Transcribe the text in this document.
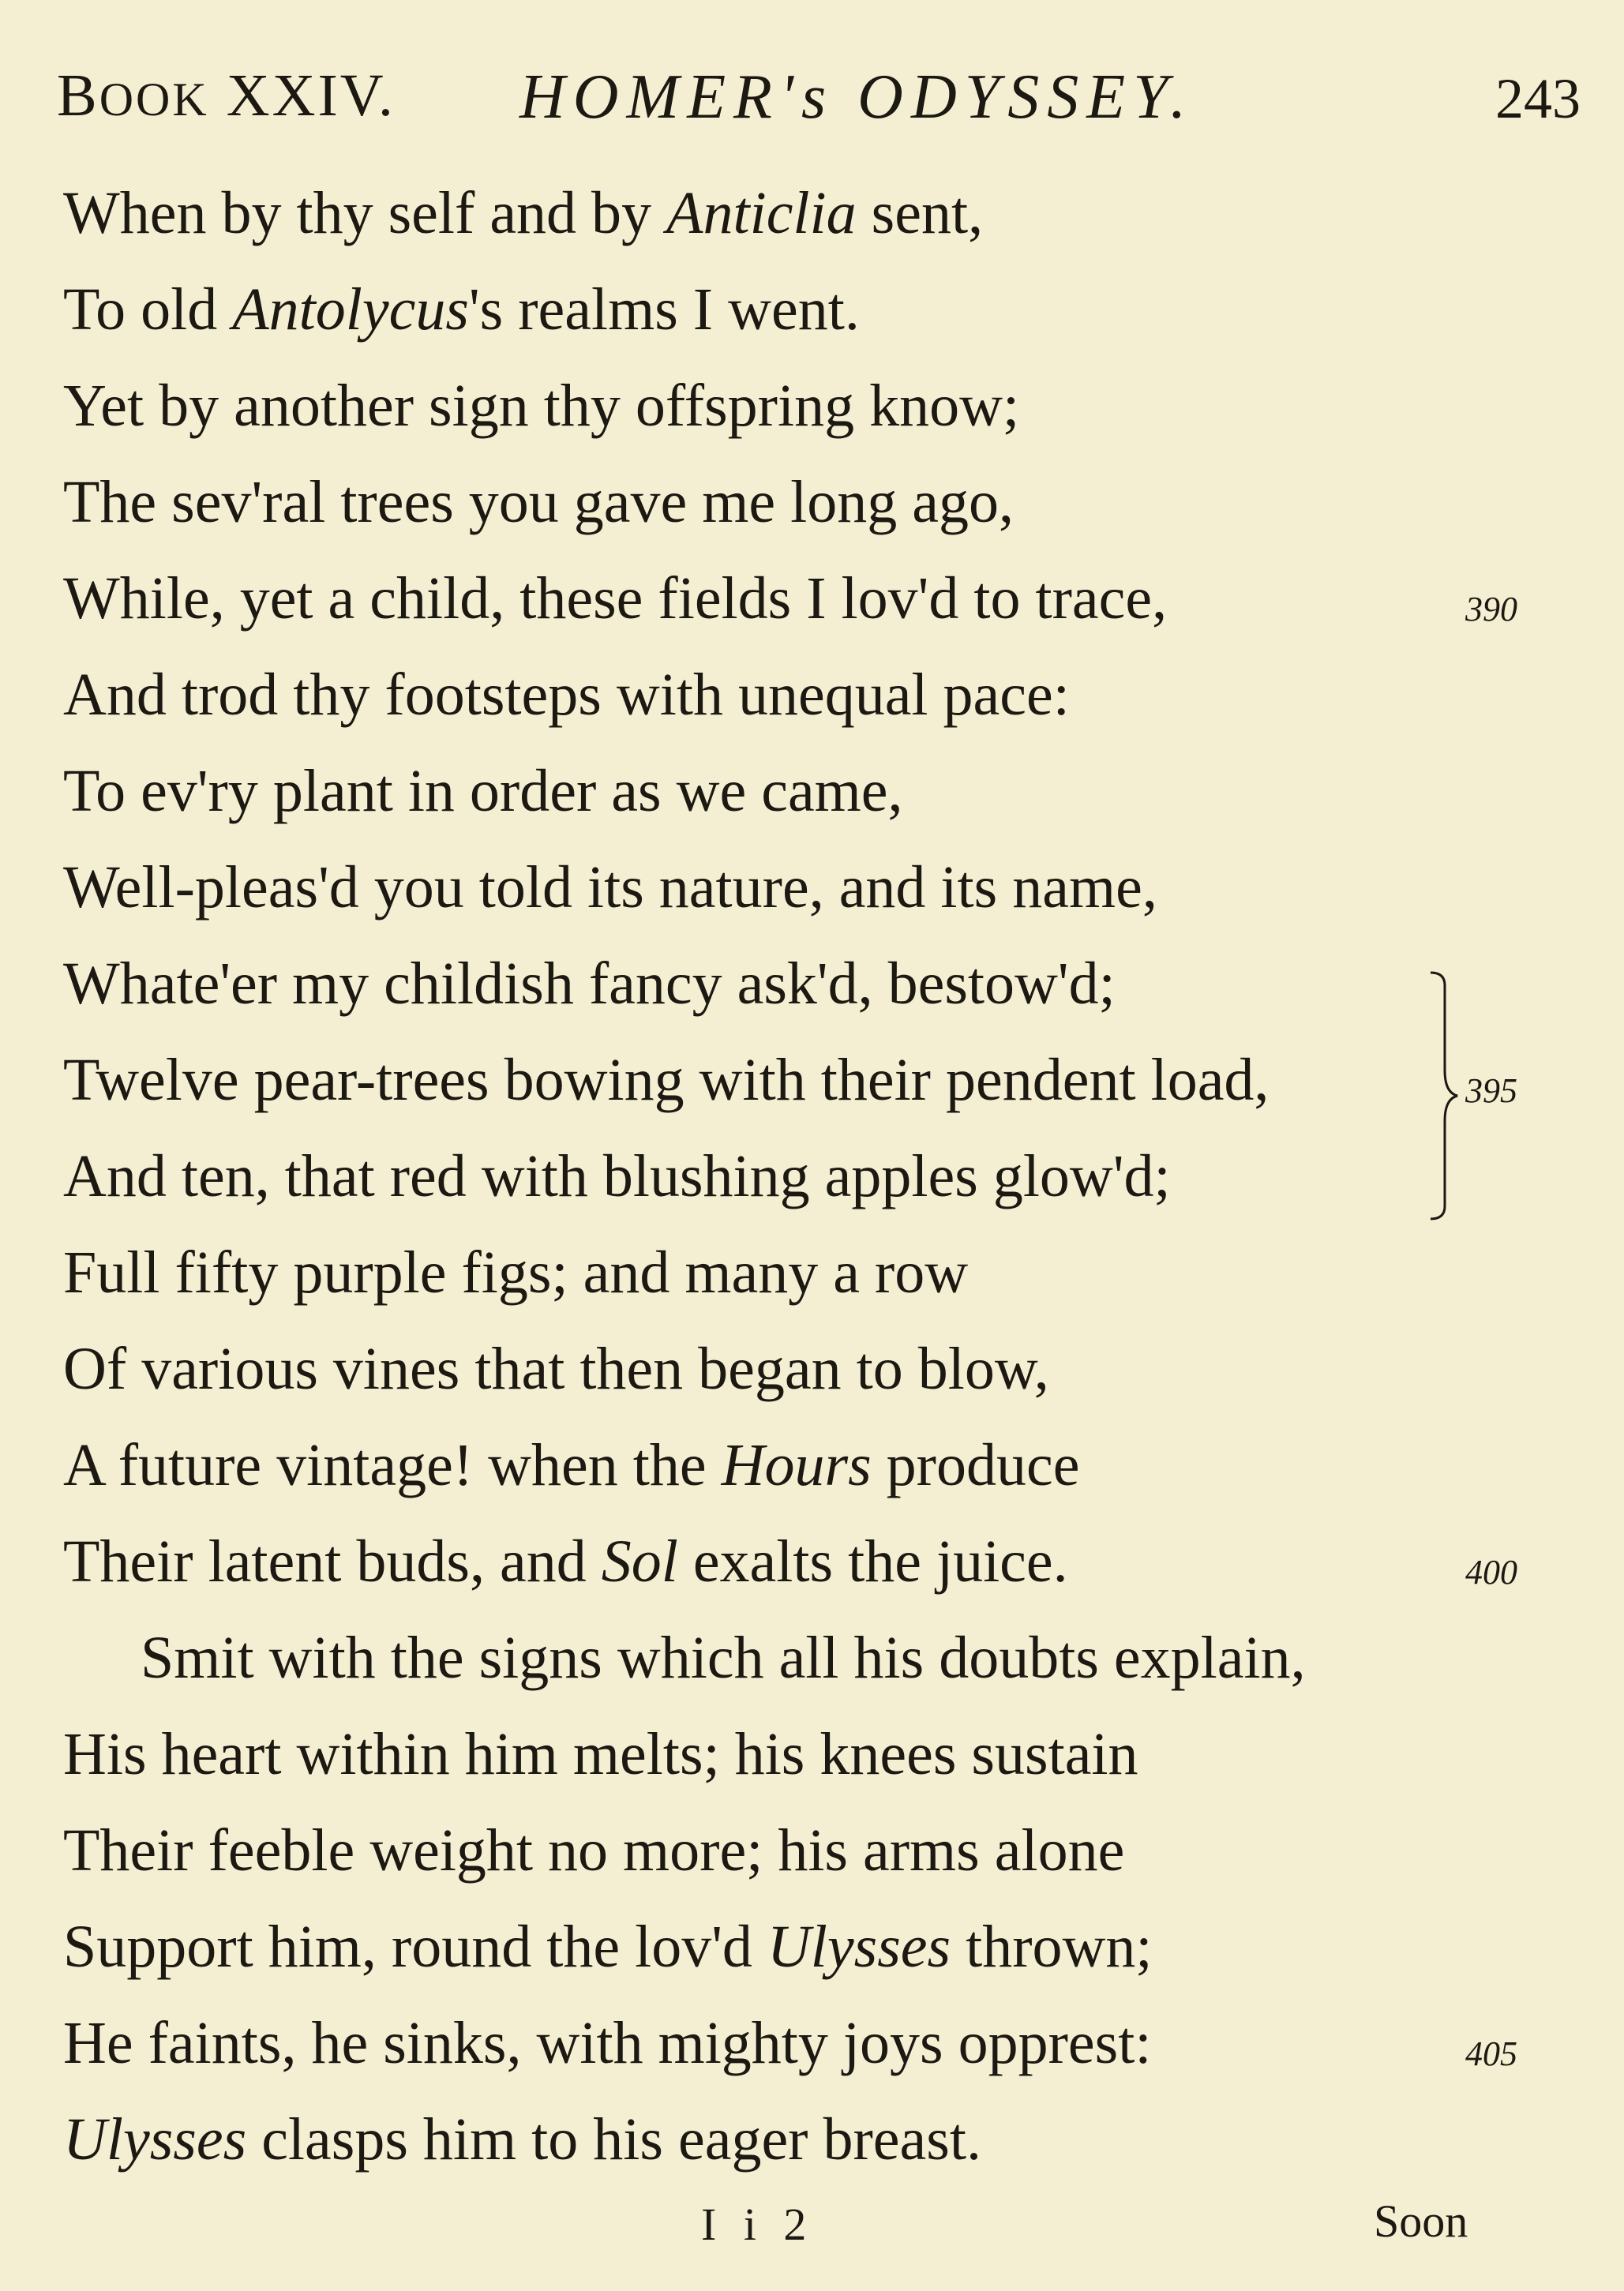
BOOK XXIV. HOMER's ODYSSEY.	243
When by thy self and by Anticlia sent,
To old Antolycus's realms I went.
Yet by another sign thy offspring know;
The sev'ral trees you gave me long ago,
While, yet a child, these fields I lov'd to trace,	390
And trod thy footsteps with unequal pace:
To ev'ry plant in order as we came,
Well-pleas'd you told its nature, and its name,
Whate'er my childish fancy ask'd, bestow'd;
Twelve pear-trees bowing with their pendent load,	395
And ten, that red with blushing apples glow'd;
Full fifty purple figs; and many a row
Of various vines that then began to blow,
A future vintage! when the Hours produce
Their latent buds, and Sol exalts the juice.	400
Smit with the signs which all his doubts explain,
His heart within him melts; his knees sustain
Their feeble weight no more; his arms alone
Support him, round the lov'd Ulysses thrown;
He faints, he sinks, with mighty joys opprest:	405
Ulysses clasps him to his eager breast.
I i 2	Soon
